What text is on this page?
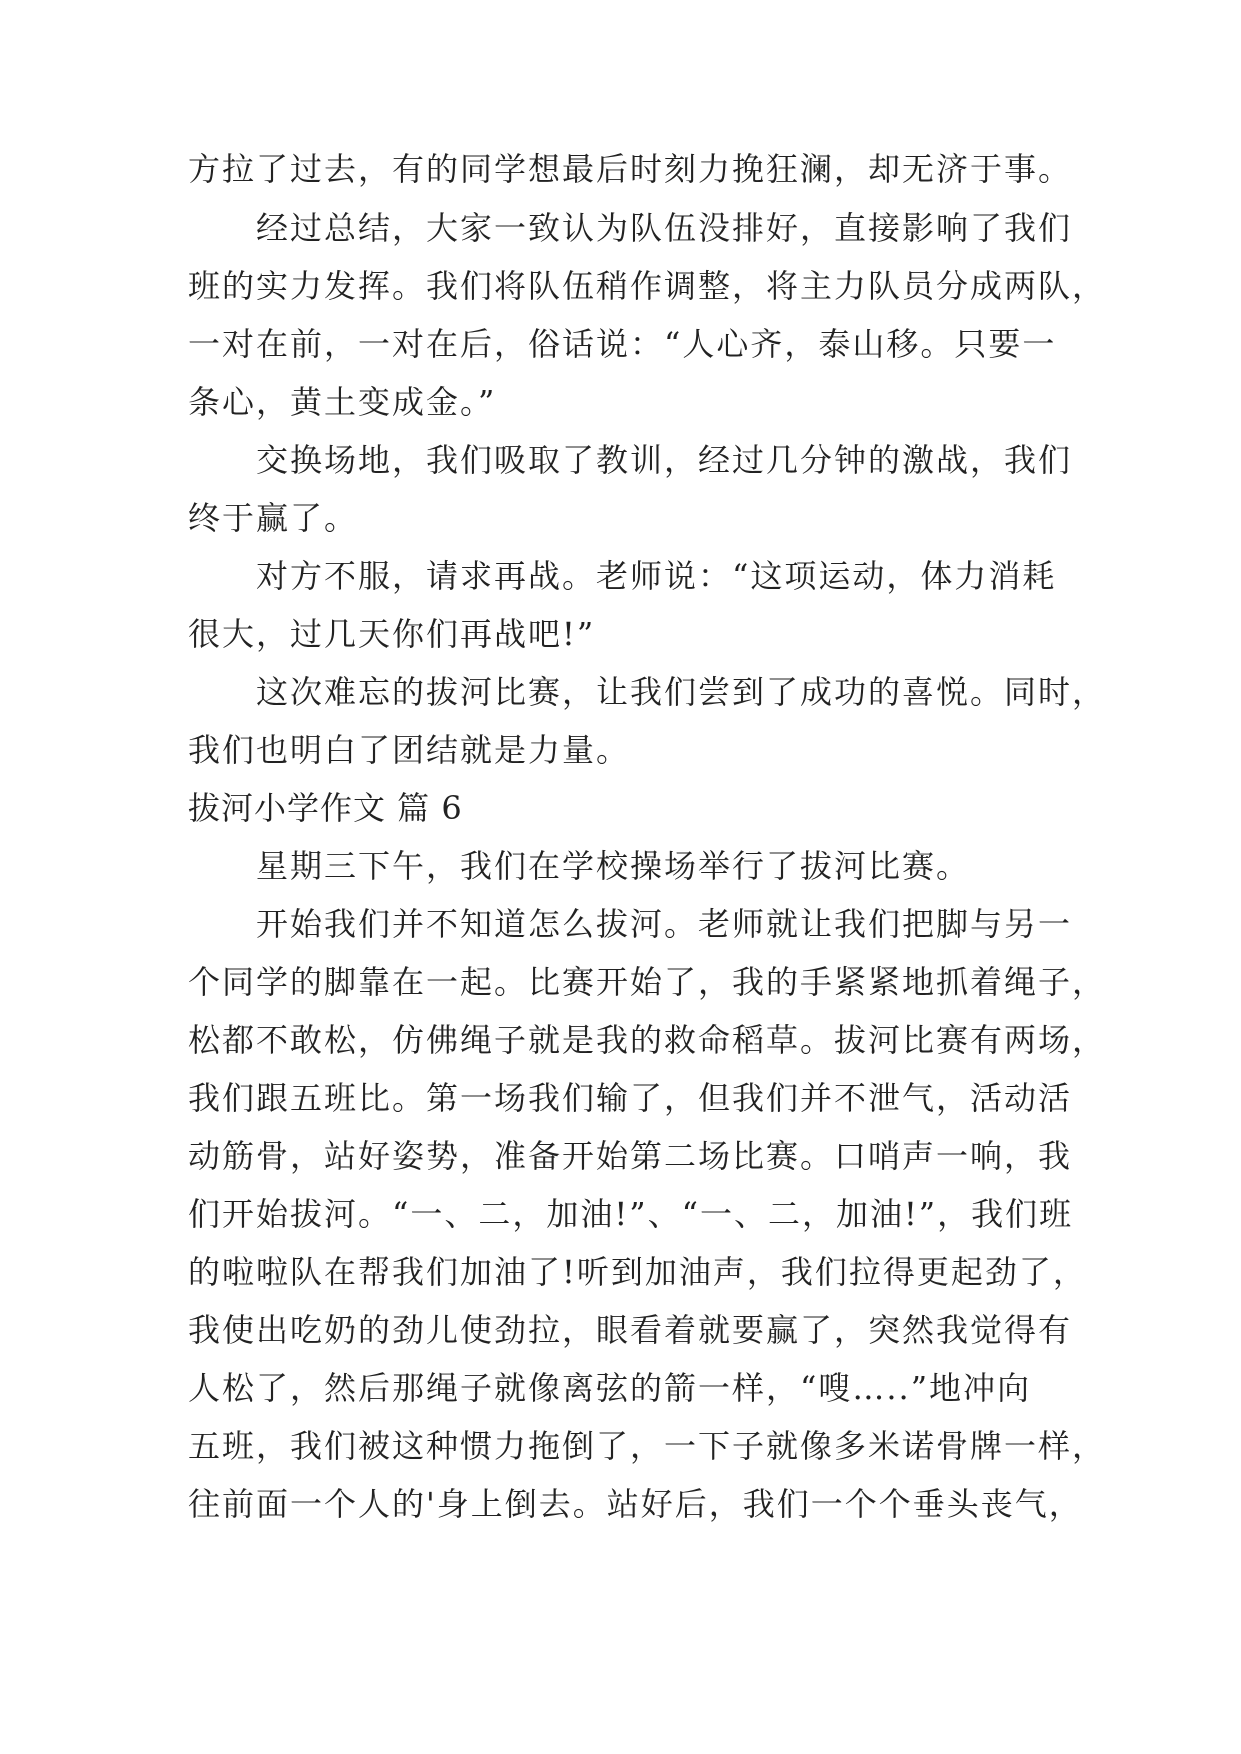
方拉了过去，有的同学想最后时刻力挽狂澜，却无济于事。
经过总结，大家一致认为队伍没排好，直接影响了我们
班的实力发挥。我们将队伍稍作调整，将主力队员分成两队，
一对在前，一对在后，俗话说：“人心齐，泰山移。只要一
条心，黄土变成金。”
交换场地，我们吸取了教训，经过几分钟的激战，我们
终于赢了。
对方不服，请求再战。老师说：“这项运动，体力消耗
很大，过几天你们再战吧!”
这次难忘的拔河比赛，让我们尝到了成功的喜悦。同时，
我们也明白了团结就是力量。
拔河小学作文 篇 6
星期三下午，我们在学校操场举行了拔河比赛。
开始我们并不知道怎么拔河。老师就让我们把脚与另一
个同学的脚靠在一起。比赛开始了，我的手紧紧地抓着绳子，
松都不敢松，仿佛绳子就是我的救命稻草。拔河比赛有两场，
我们跟五班比。第一场我们输了，但我们并不泄气，活动活
动筋骨，站好姿势，准备开始第二场比赛。口哨声一响，我
们开始拔河。“一、二，加油!”、“一、二，加油!”，我们班
的啦啦队在帮我们加油了!听到加油声，我们拉得更起劲了，
我使出吃奶的劲儿使劲拉，眼看着就要赢了，突然我觉得有
人松了，然后那绳子就像离弦的箭一样，“嗖…..”地冲向
五班，我们被这种惯力拖倒了，一下子就像多米诺骨牌一样，
往前面一个人的'身上倒去。站好后，我们一个个垂头丧气，
